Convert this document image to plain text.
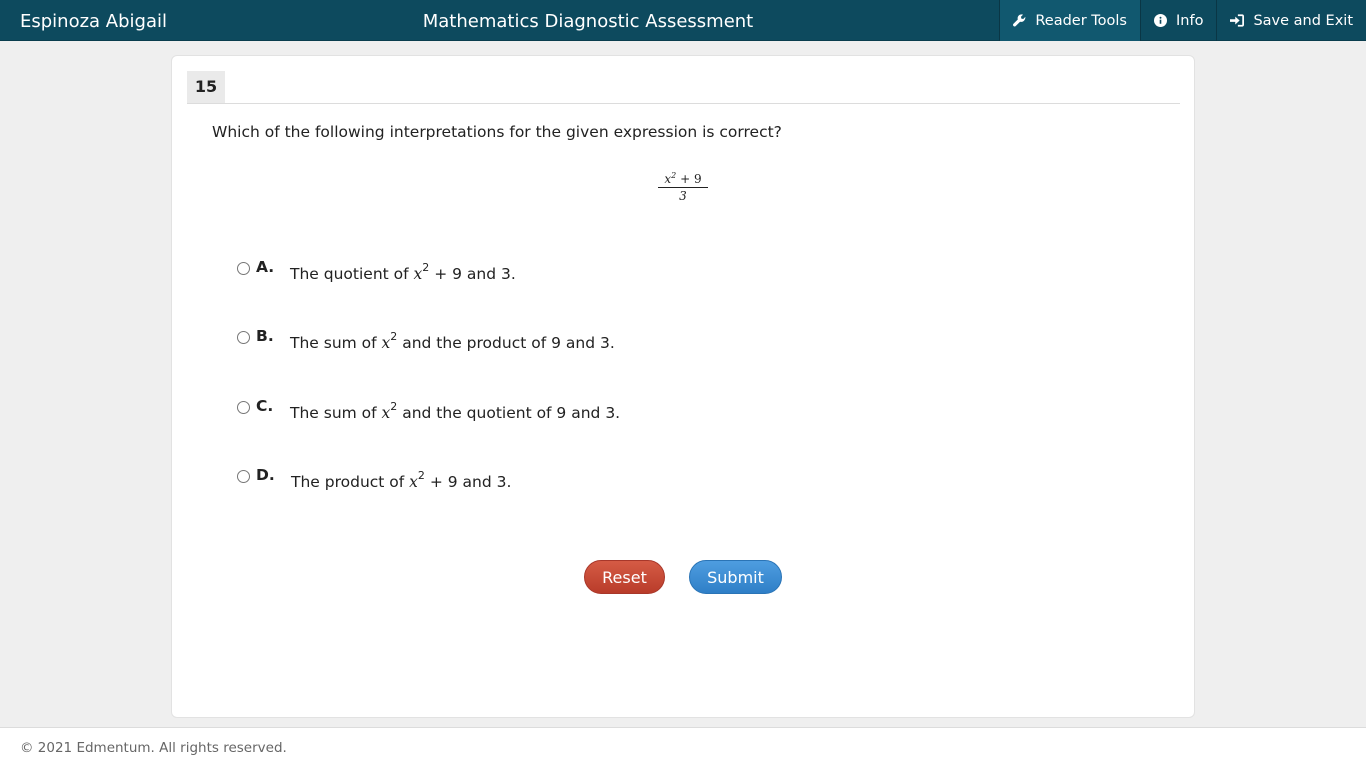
Espinoza Abigail	Mathematics Diagnostic Assessment	Reader Tools	Info	Save and Exit
15
Which of the following interpretations for the given expression is correct?
$\frac{x^2 + 9}{3}$
A. The quotient of $x^2 + 9$ and 3.
B. The sum of $x^2$ and the product of 9 and 3.
C. The sum of $x^2$ and the quotient of 9 and 3.
D. The product of $x^2 + 9$ and 3.
Reset	Submit
© 2021 Edmentum. All rights reserved.
